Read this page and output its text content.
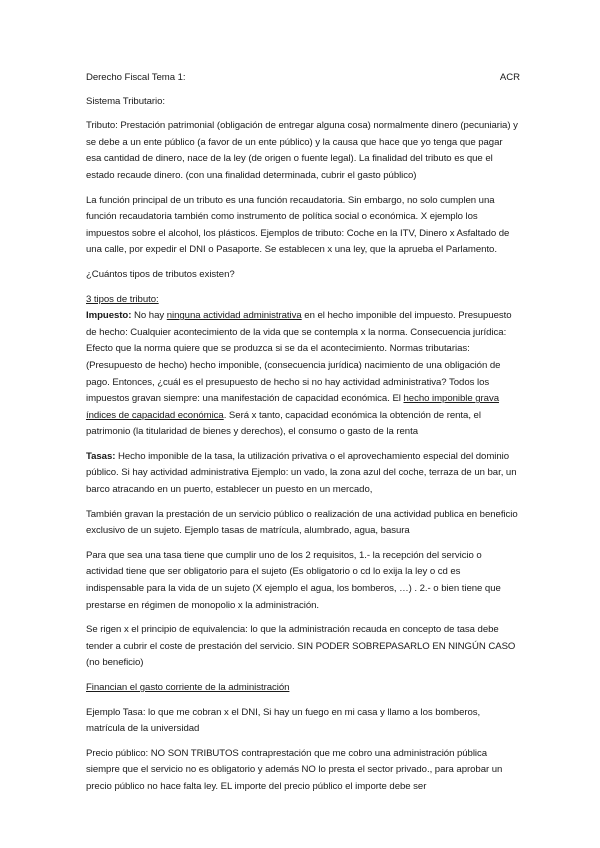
Derecho Fiscal Tema 1:	ACR

Sistema Tributario:

Tributo: Prestación patrimonial (obligación de entregar alguna cosa) normalmente dinero (pecuniaria) y se debe a un ente público (a favor de un ente público) y la causa que hace que yo tenga que pagar esa cantidad de dinero, nace de la ley (de origen o fuente legal). La finalidad del tributo es que el estado recaude dinero. (con una finalidad determinada, cubrir el gasto público)

La función principal de un tributo es una función recaudatoria. Sin embargo, no solo cumplen una función recaudatoria también como instrumento de política social o económica. X ejemplo los impuestos sobre el alcohol, los plásticos. Ejemplos de tributo: Coche en la ITV, Dinero x Asfaltado de una calle, por expedir el DNI o Pasaporte. Se establecen x una ley, que la aprueba el Parlamento.

¿Cuántos tipos de tributos existen?

3 tipos de tributo:

Impuesto: No hay ninguna actividad administrativa en el hecho imponible del impuesto. Presupuesto de hecho: Cualquier acontecimiento de la vida que se contempla x la norma. Consecuencia jurídica: Efecto que la norma quiere que se produzca si se da el acontecimiento. Normas tributarias: (Presupuesto de hecho) hecho imponible, (consecuencia jurídica) nacimiento de una obligación de pago. Entonces, ¿cuál es el presupuesto de hecho si no hay actividad administrativa? Todos los impuestos gravan siempre: una manifestación de capacidad económica. El hecho imponible grava índices de capacidad económica. Será x tanto, capacidad económica la obtención de renta, el patrimonio (la titularidad de bienes y derechos), el consumo o gasto de la renta

Tasas: Hecho imponible de la tasa, la utilización privativa o el aprovechamiento especial del dominio público. Si hay actividad administrativa Ejemplo: un vado, la zona azul del coche, terraza de un bar, un barco atracando en un puerto, establecer un puesto en un mercado,

También gravan la prestación de un servicio público o realización de una actividad publica en beneficio exclusivo de un sujeto. Ejemplo tasas de matrícula, alumbrado, agua, basura

Para que sea una tasa tiene que cumplir uno de los 2 requisitos, 1.- la recepción del servicio o actividad tiene que ser obligatorio para el sujeto (Es obligatorio o cd lo exija la ley o cd es indispensable para la vida de un sujeto (X ejemplo el agua, los bomberos, …) . 2.- o bien tiene que prestarse en régimen de monopolio x la administración.

Se rigen x el principio de equivalencia: lo que la administración recauda en concepto de tasa debe tender a cubrir el coste de prestación del servicio. SIN PODER SOBREPASARLO EN NINGÚN CASO (no beneficio)

Financian el gasto corriente de la administración

Ejemplo Tasa: lo que me cobran x el DNI, Si hay un fuego en mi casa y llamo a los bomberos, matrícula de la universidad

Precio público: NO SON TRIBUTOS contraprestación que me cobro una administración pública siempre que el servicio no es obligatorio y además NO lo presta el sector privado., para aprobar un precio público no hace falta ley. EL importe del precio público el importe debe ser
